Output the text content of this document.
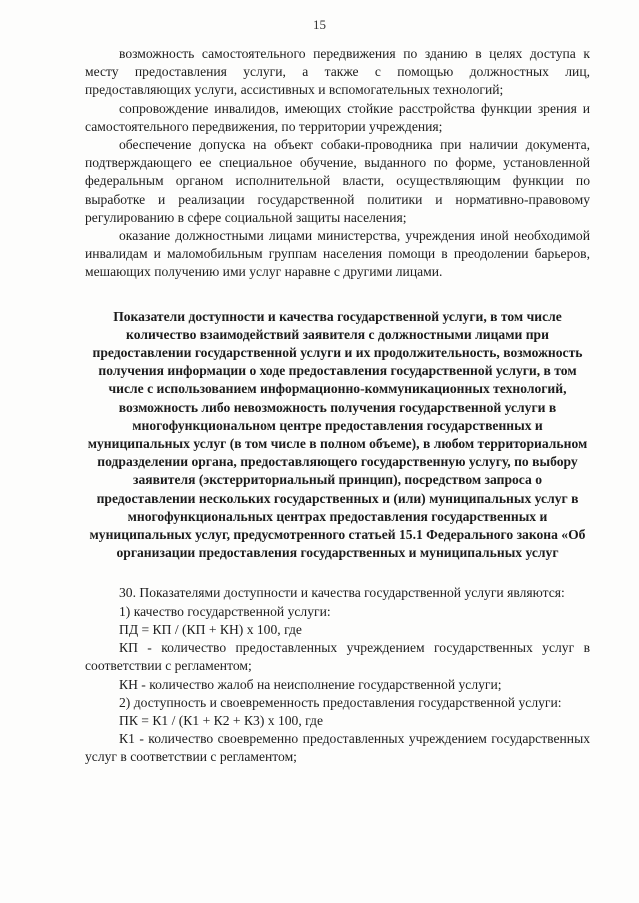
15

возможность самостоятельного передвижения по зданию в целях доступа к месту предоставления услуги, а также с помощью должностных лиц, предоставляющих услуги, ассистивных и вспомогательных технологий;

сопровождение инвалидов, имеющих стойкие расстройства функции зрения и самостоятельного передвижения, по территории учреждения;

обеспечение допуска на объект собаки-проводника при наличии документа, подтверждающего ее специальное обучение, выданного по форме, установленной федеральным органом исполнительной власти, осуществляющим функции по выработке и реализации государственной политики и нормативно-правовому регулированию в сфере социальной защиты населения;

оказание должностными лицами министерства, учреждения иной необходимой инвалидам и маломобильным группам населения помощи в преодолении барьеров, мешающих получению ими услуг наравне с другими лицами.

Показатели доступности и качества государственной услуги, в том числе количество взаимодействий заявителя с должностными лицами при предоставлении государственной услуги и их продолжительность, возможность получения информации о ходе предоставления государственной услуги, в том числе с использованием информационно-коммуникационных технологий, возможность либо невозможность получения государственной услуги в многофункциональном центре предоставления государственных и муниципальных услуг (в том числе в полном объеме), в любом территориальном подразделении органа, предоставляющего государственную услугу, по выбору заявителя (экстерриториальный принцип), посредством запроса о предоставлении нескольких государственных и (или) муниципальных услуг в многофункциональных центрах предоставления государственных и муниципальных услуг, предусмотренного статьей 15.1 Федерального закона «Об организации предоставления государственных и муниципальных услуг

30. Показателями доступности и качества государственной услуги являются:

1) качество государственной услуги:

ПД = КП / (КП + КН) х 100, где

КП - количество предоставленных учреждением государственных услуг в соответствии с регламентом;

КН - количество жалоб на неисполнение государственной услуги;

2) доступность и своевременность предоставления государственной услуги:

ПК = К1 / (К1 + К2 + К3) х 100, где

К1 - количество своевременно предоставленных учреждением государственных услуг в соответствии с регламентом;
